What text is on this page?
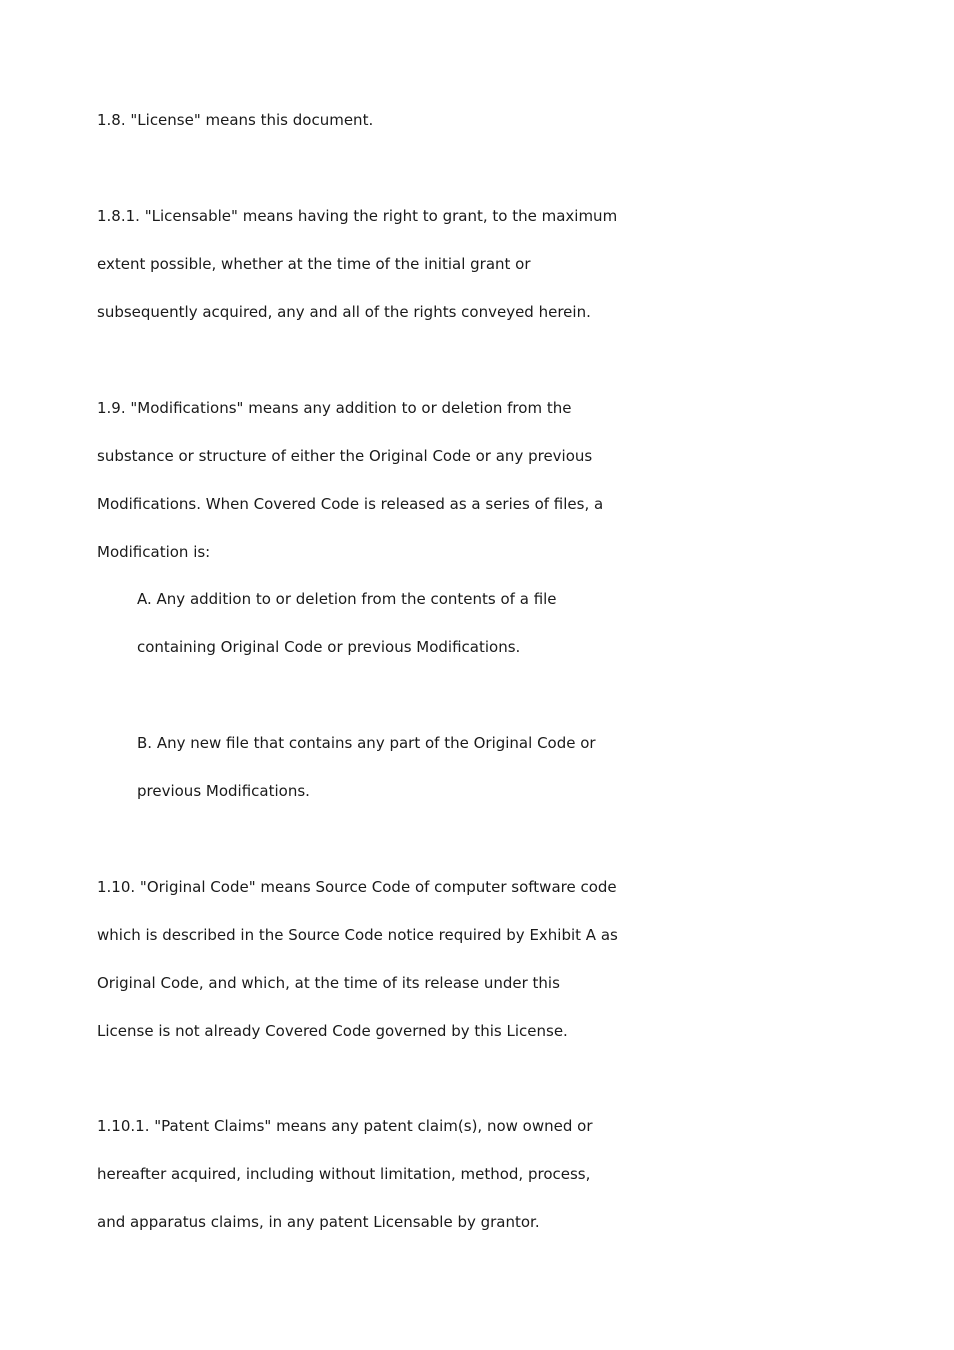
1.8. "License" means this document.

1.8.1. "Licensable" means having the right to grant, to the maximum

extent possible, whether at the time of the initial grant or

subsequently acquired, any and all of the rights conveyed herein.

1.9. "Modifications" means any addition to or deletion from the

substance or structure of either the Original Code or any previous

Modifications. When Covered Code is released as a series of files, a

Modification is:

A. Any addition to or deletion from the contents of a file

containing Original Code or previous Modifications.

B. Any new file that contains any part of the Original Code or

previous Modifications.

1.10. "Original Code" means Source Code of computer software code

which is described in the Source Code notice required by Exhibit A as

Original Code, and which, at the time of its release under this

License is not already Covered Code governed by this License.

1.10.1. "Patent Claims" means any patent claim(s), now owned or

hereafter acquired, including without limitation, method, process,

and apparatus claims, in any patent Licensable by grantor.
